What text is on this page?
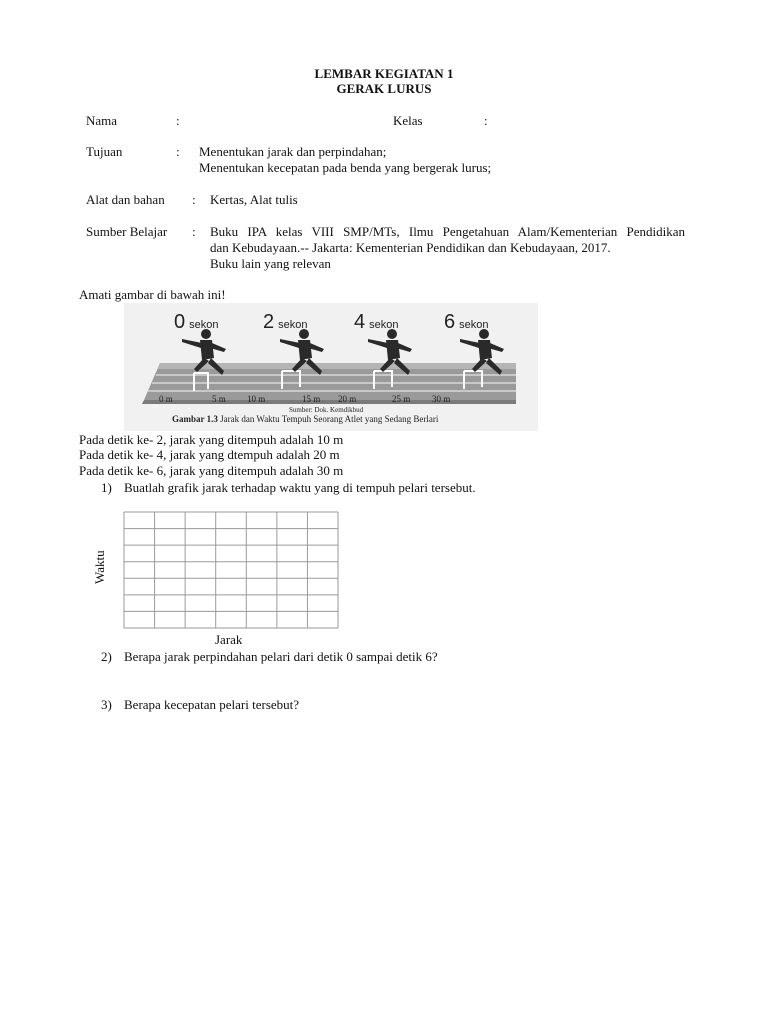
LEMBAR KEGIATAN 1
GERAK LURUS
Nama	:	Kelas	:
Tujuan	: Menentukan jarak dan perpindahan;
Menentukan kecepatan pada benda yang bergerak lurus;
Alat dan bahan : Kertas, Alat tulis
Sumber Belajar : Buku IPA kelas VIII SMP/MTs, Ilmu Pengetahuan Alam/Kementerian Pendidikan
dan Kebudayaan.-- Jakarta: Kementerian Pendidikan dan Kebudayaan, 2017.
Buku lain yang relevan
Amati gambar di bawah ini!
0 sekon 2 sekon 4 sekon 6 sekon
0 m	5 m 10 m	15 m 20 m	25 m 30 m
Sumber: Dok. Kemdikbud
Gambar 1.3 Jarak dan Waktu Tempuh Seorang Atlet yang Sedang Berlari
Pada detik ke- 2, jarak yang ditempuh adalah 10 m
Pada detik ke- 4, jarak yang dtempuh adalah 20 m
Pada detik ke- 6, jarak yang ditempuh adalah 30 m
1) Buatlah grafik jarak terhadap waktu yang di tempuh pelari tersebut.
Waktu
Jarak
2) Berapa jarak perpindahan pelari dari detik 0 sampai detik 6?
3) Berapa kecepatan pelari tersebut?
